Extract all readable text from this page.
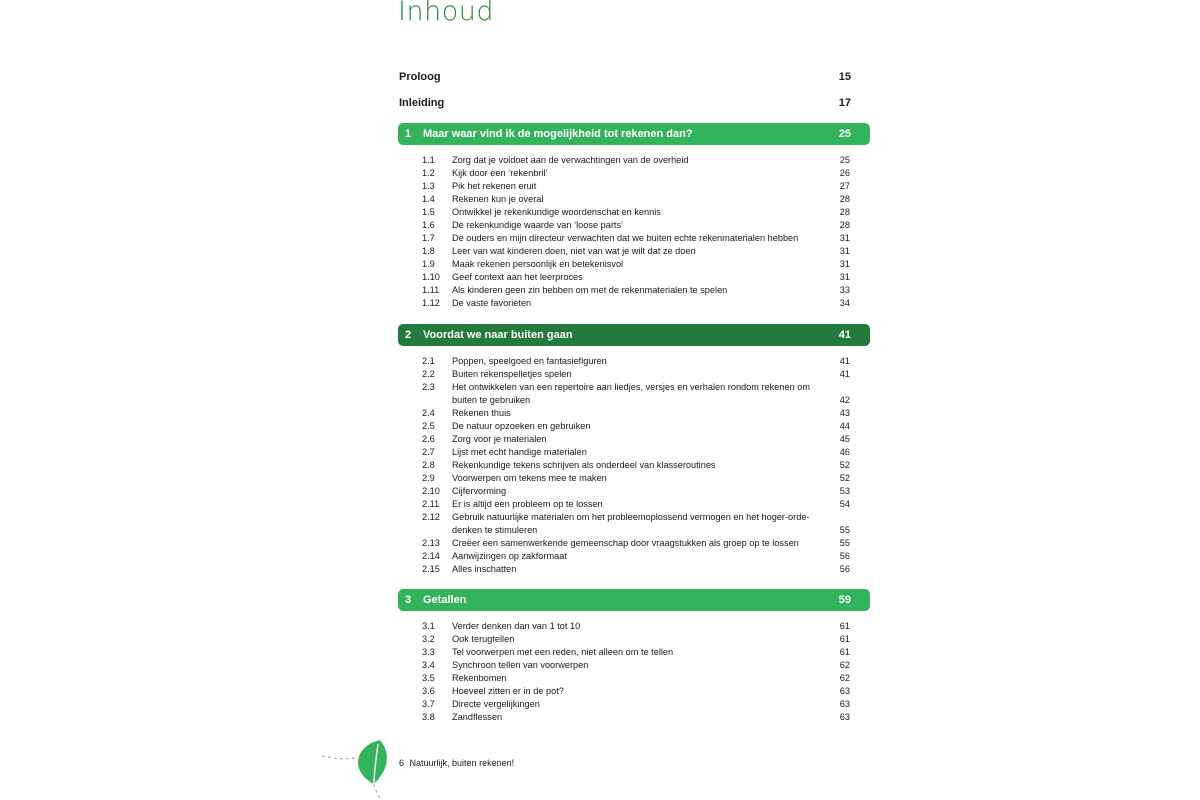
Inhoud
Proloog	15
Inleiding	17
1 Maar waar vind ik de mogelijkheid tot rekenen dan?	25
1.1 Zorg dat je voldoet aan de verwachtingen van de overheid	25
1.2 Kijk door een ‘rekenbril’	26
1.3 Pik het rekenen eruit	27
1.4 Rekenen kun je overal	28
1.5 Ontwikkel je rekenkundige woordenschat en kennis	28
1.6 De rekenkundige waarde van ‘loose parts’	28
1.7 De ouders en mijn directeur verwachten dat we buiten echte rekenmaterialen hebben	31
1.8 Leer van wat kinderen doen, niet van wat je wilt dat ze doen	31
1.9 Maak rekenen persoonlijk en betekenisvol	31
1.10 Geef context aan het leerproces	31
1.11 Als kinderen geen zin hebben om met de rekenmaterialen te spelen	33
1.12 De vaste favorieten	34
2 Voordat we naar buiten gaan	41
2.1 Poppen, speelgoed en fantasiefiguren	41
2.2 Buiten rekenspelletjes spelen	41
2.3 Het ontwikkelen van een repertoire aan liedjes, versjes en verhalen rondom rekenen om buiten te gebruiken	42
2.4 Rekenen thuis	43
2.5 De natuur opzoeken en gebruiken	44
2.6 Zorg voor je materialen	45
2.7 Lijst met echt handige materialen	46
2.8 Rekenkundige tekens schrijven als onderdeel van klasseroutines	52
2.9 Voorwerpen om tekens mee te maken	52
2.10 Cijfervorming	53
2.11 Er is altijd een probleem op te lossen	54
2.12 Gebruik natuurlijke materialen om het probleemoplossend vermogen en het hoger-orde-denken te stimuleren	55
2.13 Creëer een samenwerkende gemeenschap door vraagstukken als groep op te lossen	55
2.14 Aanwijzingen op zakformaat	56
2.15 Alles inschatten	56
3 Getallen	59
3.1 Verder denken dan van 1 tot 10	61
3.2 Ook terugtellen	61
3.3 Tel voorwerpen met een reden, niet alleen om te tellen	61
3.4 Synchroon tellen van voorwerpen	62
3.5 Rekenbomen	62
3.6 Hoeveel zitten er in de pot?	63
3.7 Directe vergelijkingen	63
3.8 Zandflessen	63
6 Natuurlijk, buiten rekenen!
